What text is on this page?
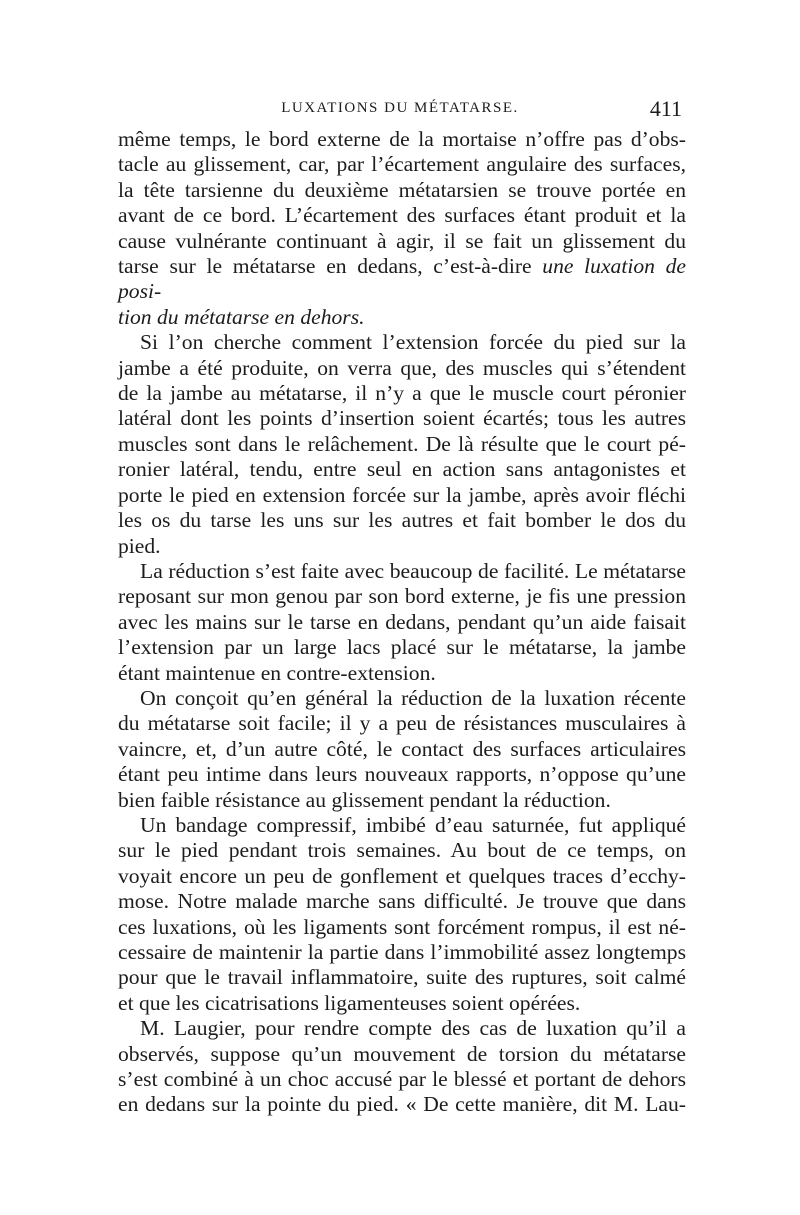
LUXATIONS DU MÉTATARSE.	411

même temps, le bord externe de la mortaise n’offre pas d’obs-

tacle au glissement, car, par l’écartement angulaire des surfaces,

la tête tarsienne du deuxième métatarsien se trouve portée en

avant de ce bord. L’écartement des surfaces étant produit et la

cause vulnérante continuant à agir, il se fait un glissement du

tarse sur le métatarse en dedans, c’est-à-dire une luxation de posi-

tion du métatarse en dehors.

Si l’on cherche comment l’extension forcée du pied sur la

jambe a été produite, on verra que, des muscles qui s’étendent

de la jambe au métatarse, il n’y a que le muscle court péronier

latéral dont les points d’insertion soient écartés; tous les autres

muscles sont dans le relâchement. De là résulte que le court pé-

ronier latéral, tendu, entre seul en action sans antagonistes et

porte le pied en extension forcée sur la jambe, après avoir fléchi

les os du tarse les uns sur les autres et fait bomber le dos du

pied.

La réduction s’est faite avec beaucoup de facilité. Le métatarse

reposant sur mon genou par son bord externe, je fis une pression

avec les mains sur le tarse en dedans, pendant qu’un aide faisait

l’extension par un large lacs placé sur le métatarse, la jambe

étant maintenue en contre-extension.

On conçoit qu’en général la réduction de la luxation récente

du métatarse soit facile; il y a peu de résistances musculaires à

vaincre, et, d’un autre côté, le contact des surfaces articulaires

étant peu intime dans leurs nouveaux rapports, n’oppose qu’une

bien faible résistance au glissement pendant la réduction.

Un bandage compressif, imbibé d’eau saturnée, fut appliqué

sur le pied pendant trois semaines. Au bout de ce temps, on

voyait encore un peu de gonflement et quelques traces d’ecchy-

mose. Notre malade marche sans difficulté. Je trouve que dans

ces luxations, où les ligaments sont forcément rompus, il est né-

cessaire de maintenir la partie dans l’immobilité assez longtemps

pour que le travail inflammatoire, suite des ruptures, soit calmé

et que les cicatrisations ligamenteuses soient opérées.

M. Laugier, pour rendre compte des cas de luxation qu’il a

observés, suppose qu’un mouvement de torsion du métatarse

s’est combiné à un choc accusé par le blessé et portant de dehors

en dedans sur la pointe du pied. « De cette manière, dit M. Lau-
